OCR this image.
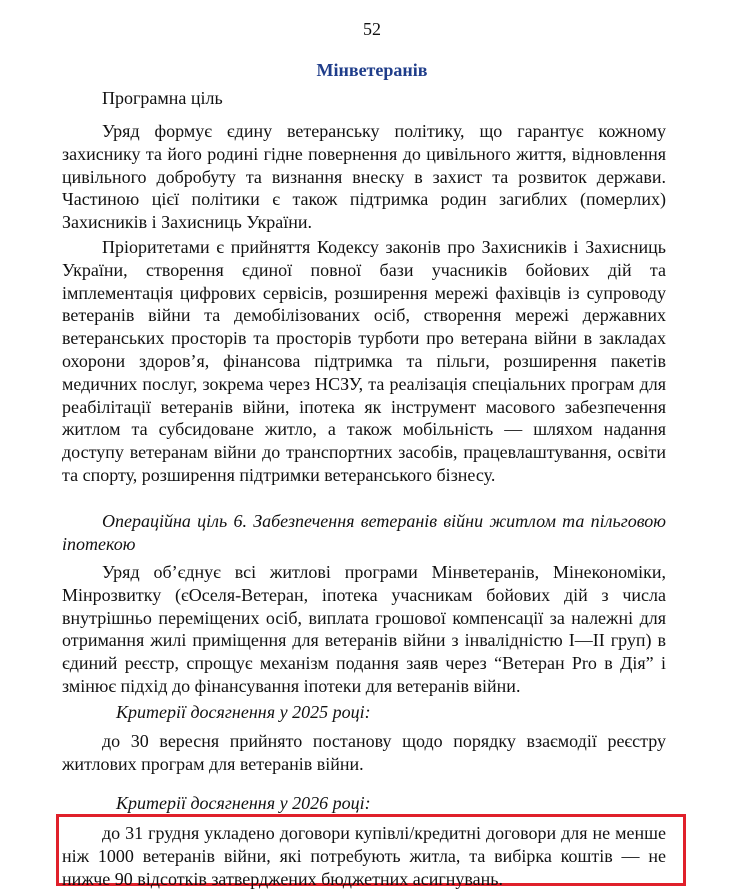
52
Мінветеранів
Програмна ціль

Уряд формує єдину ветеранську політику, що гарантує кожному захиснику та його родині гідне повернення до цивільного життя, відновлення цивільного добробуту та визнання внеску в захист та розвиток держави. Частиною цієї політики є також підтримка родин загиблих (померлих) Захисників і Захисниць України.

Пріоритетами є прийняття Кодексу законів про Захисників і Захисниць України, створення єдиної повної бази учасників бойових дій та імплементація цифрових сервісів, розширення мережі фахівців із супроводу ветеранів війни та демобілізованих осіб, створення мережі державних ветеранських просторів та просторів турботи про ветерана війни в закладах охорони здоров’я, фінансова підтримка та пільги, розширення пакетів медичних послуг, зокрема через НСЗУ, та реалізація спеціальних програм для реабілітації ветеранів війни, іпотека як інструмент масового забезпечення житлом та субсидоване житло, а також мобільність — шляхом надання доступу ветеранам війни до транспортних засобів, працевлаштування, освіти та спорту, розширення підтримки ветеранського бізнесу.

Операційна ціль 6. Забезпечення ветеранів війни житлом та пільговою іпотекою

Уряд об’єднує всі житлові програми Мінветеранів, Мінекономіки, Мінрозвитку (єОселя-Ветеран, іпотека учасникам бойових дій з числа внутрішньо переміщених осіб, виплата грошової компенсації за належні для отримання жилі приміщення для ветеранів війни з інвалідністю I—II груп) в єдиний реєстр, спрощує механізм подання заяв через “Ветеран Pro в Дія” і змінює підхід до фінансування іпотеки для ветеранів війни.

Критерії досягнення у 2025 році:

до 30 вересня прийнято постанову щодо порядку взаємодії реєстру житлових програм для ветеранів війни.

Критерії досягнення у 2026 році:

до 31 грудня укладено договори купівлі/кредитні договори для не менше ніж 1000 ветеранів війни, які потребують житла, та вибірка коштів — не нижче 90 відсотків затверджених бюджетних асигнувань.
